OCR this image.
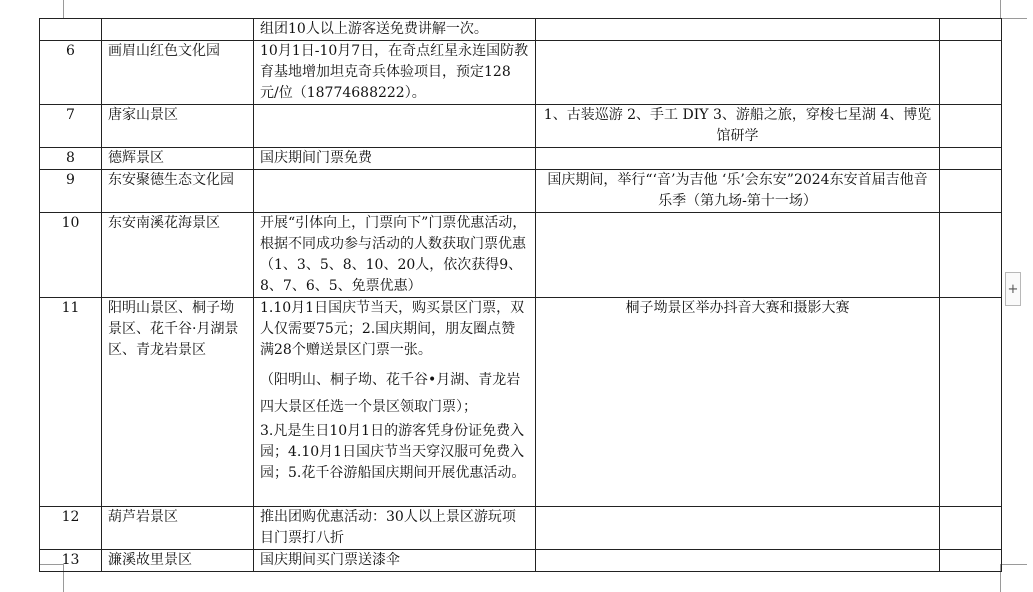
		组团10人以上游客送免费讲解一次。		
6	画眉山红色文化园	10月1日-10月7日，在奇点红星永连国防教育基地增加坦克奇兵体验项目，预定128元/位（18774688222）。		
7	唐家山景区		1、古装巡游 2、手工 DIY 3、游船之旅，穿梭七星湖 4、博览馆研学	
8	德辉景区	国庆期间门票免费		
9	东安聚德生态文化园		国庆期间，举行“‘音’为吉他 ‘乐’会东安”2024东安首届吉他音乐季（第九场-第十一场）	
10	东安南溪花海景区	开展“引体向上，门票向下”门票优惠活动，根据不同成功参与活动的人数获取门票优惠（1、3、5、8、10、20人，依次获得9、8、7、6、5、免票优惠）		
11	阳明山景区、桐子坳景区、花千谷·月湖景区、青龙岩景区	1.10月1日国庆节当天，购买景区门票，双人仅需要75元；2.国庆期间，朋友圈点赞满28个赠送景区门票一张。
（阳明山、桐子坳、花千谷•月湖、青龙岩四大景区任选一个景区领取门票）；
3.凡是生日10月1日的游客凭身份证免费入园；4.10月1日国庆节当天穿汉服可免费入园；5.花千谷游船国庆期间开展优惠活动。	桐子坳景区举办抖音大赛和摄影大赛	
12	葫芦岩景区	推出团购优惠活动：30人以上景区游玩项目门票打八折		
13	濂溪故里景区	国庆期间买门票送漆伞		
+
